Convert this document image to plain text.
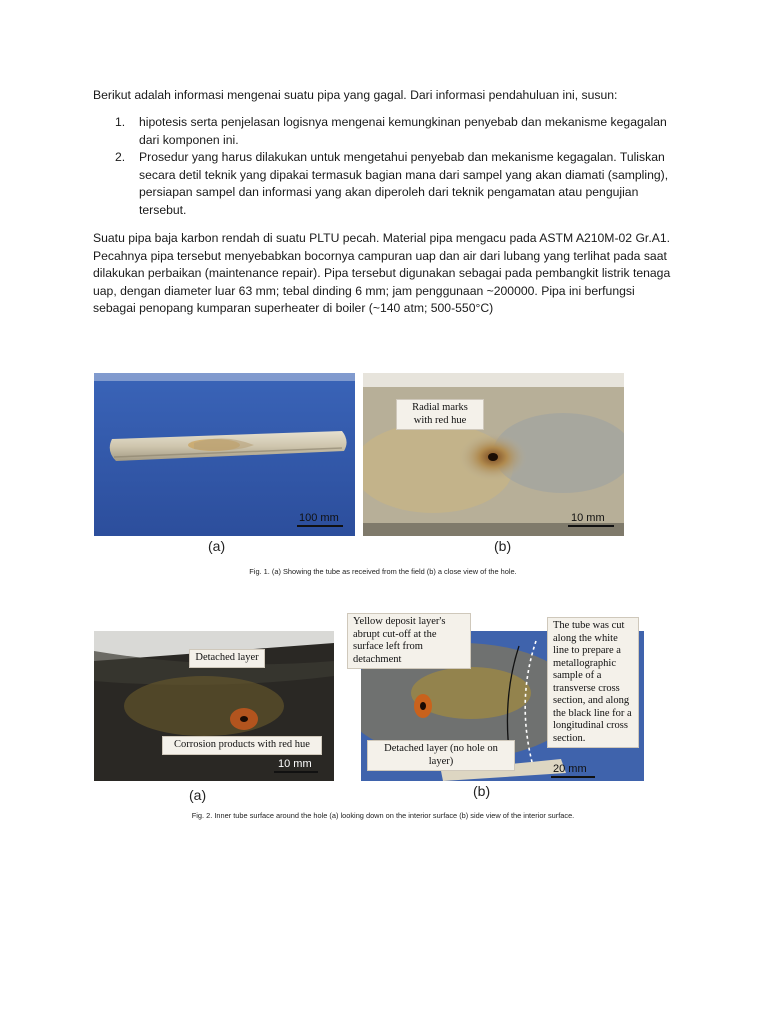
Berikut adalah informasi mengenai suatu pipa yang gagal. Dari informasi pendahuluan ini, susun:

1. hipotesis serta penjelasan logisnya mengenai kemungkinan penyebab dan mekanisme kegagalan dari komponen ini.
2. Prosedur yang harus dilakukan untuk mengetahui penyebab dan mekanisme kegagalan. Tuliskan secara detil teknik yang dipakai termasuk bagian mana dari sampel yang akan diamati (sampling), persiapan sampel dan informasi yang akan diperoleh dari teknik pengamatan atau pengujian tersebut.

Suatu pipa baja karbon rendah di suatu PLTU pecah. Material pipa mengacu pada ASTM A210M-02 Gr.A1. Pecahnya pipa tersebut menyebabkan bocornya campuran uap dan air dari lubang yang terlihat pada saat dilakukan perbaikan (maintenance repair). Pipa tersebut digunakan sebagai pada pembangkit listrik tenaga uap, dengan diameter luar 63 mm; tebal dinding 6 mm; jam penggunaan ~200000. Pipa ini berfungsi sebagai penopang kumparan superheater di boiler (~140 atm; 500-550°C)

100 mm
(a)
Radial marks with red hue
10 mm
(b)
Fig. 1. (a) Showing the tube as received from the field (b) a close view of the hole.
Detached layer
Corrosion products with red hue
10 mm
(a)
Yellow deposit layer's abrupt cut-off at the surface left from detachment
The tube was cut along the white line to prepare a metallographic sample of a transverse cross section, and along the black line for a longitudinal cross section.
Detached layer (no hole on layer)
20 mm
(b)
Fig. 2. Inner tube surface around the hole (a) looking down on the interior surface (b) side view of the interior surface.
